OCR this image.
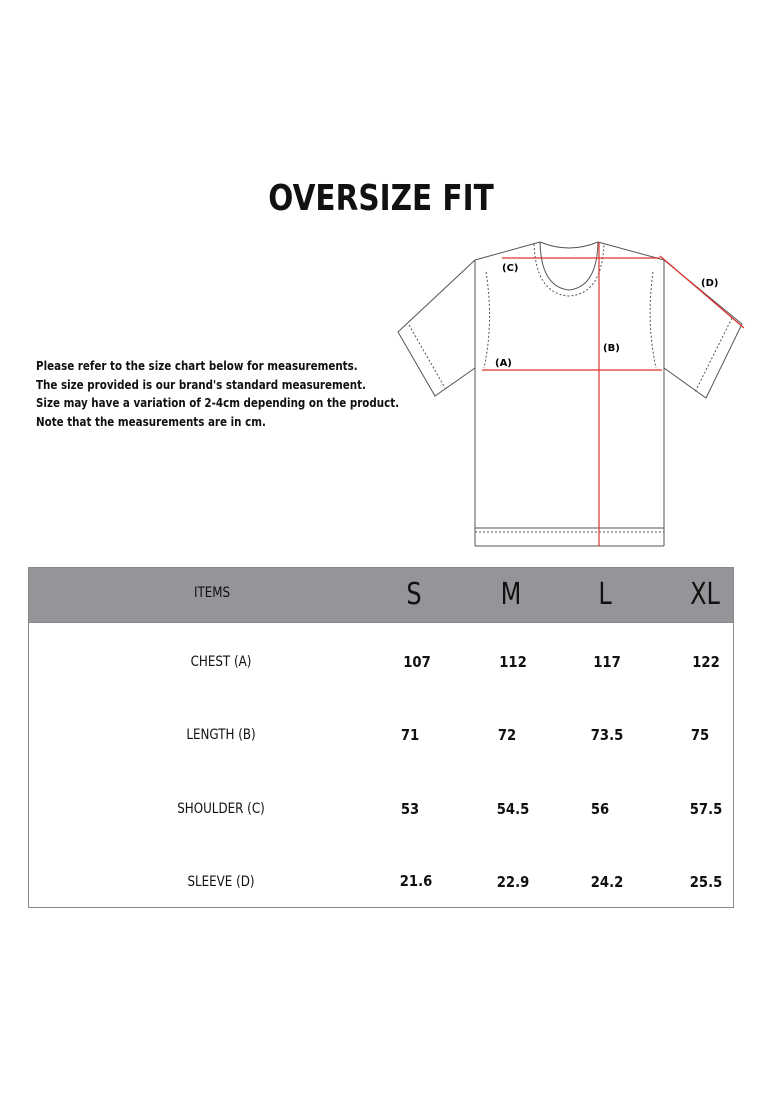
OVERSIZE FIT
Please refer to the size chart below for measurements.
The size provided is our brand's standard measurement.
Size may have a variation of 2-4cm depending on the product.
Note that the measurements are in cm.
(C)
(A)
(B)
(D)
ITEMS	S	M	L	XL
CHEST (A)	107	112	117	122
LENGTH (B)	71	72	73.5	75
SHOULDER (C)	53	54.5	56	57.5
SLEEVE (D)	21.6	22.9	24.2	25.5
